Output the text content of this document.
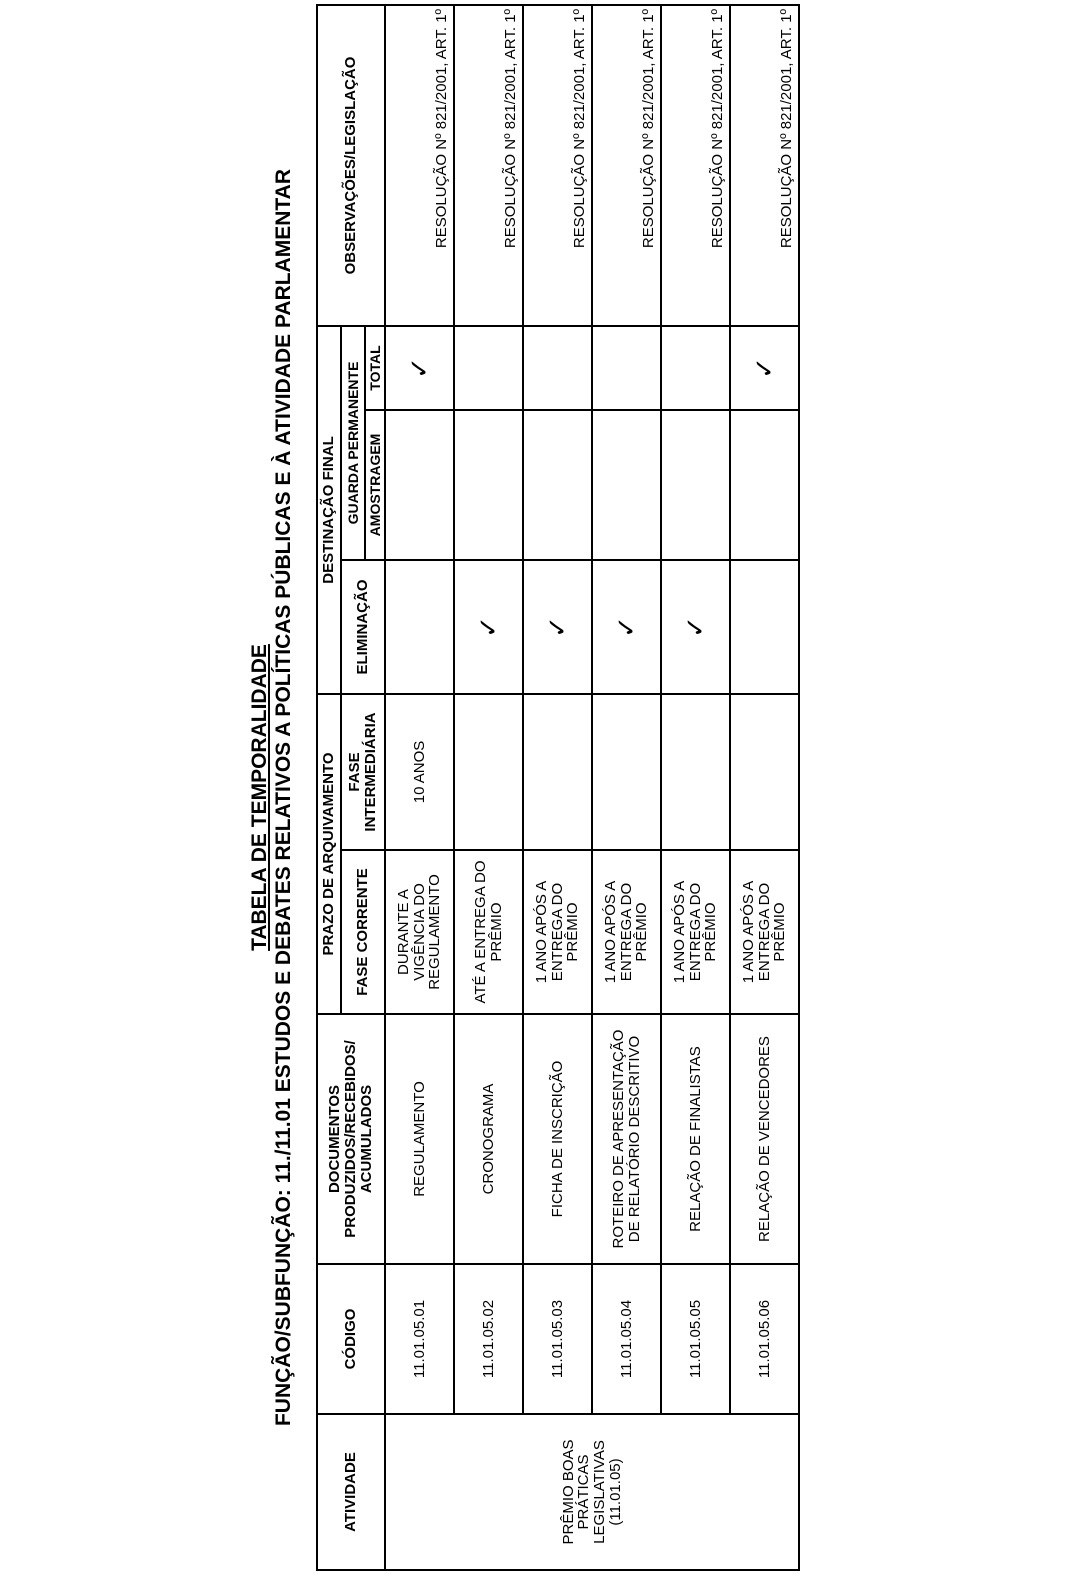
TABELA DE TEMPORALIDADE FUNÇÃO/SUBFUNÇÃO: 11./11.01 ESTUDOS E DEBATES RELATIVOS A POLÍTICAS PÚBLICAS E À ATIVIDADE PARLAMENTAR
ATIVIDADE	CÓDIGO	DOCUMENTOS PRODUZIDOS/RECEBIDOS/ ACUMULADOS	PRAZO DE ARQUIVAMENTO		DESTINAÇÃO FINAL			OBSERVAÇÕES/LEGISLAÇÃO
			FASE CORRENTE	FASE INTERMEDIÁRIA	ELIMINAÇÃO	GUARDA PERMANENTE		
						AMOSTRAGEM	TOTAL	
PRÊMIO BOAS PRÁTICAS LEGISLATIVAS (11.01.05)	11.01.05.01	REGULAMENTO	DURANTE A VIGÊNCIA DO REGULAMENTO	10 ANOS			✓	RESOLUÇÃO Nº 821/2001, ART. 1º
	11.01.05.02	CRONOGRAMA	ATÉ A ENTREGA DO PRÊMIO		✓			RESOLUÇÃO Nº 821/2001, ART. 1º
	11.01.05.03	FICHA DE INSCRIÇÃO	1 ANO APÓS A ENTREGA DO PRÊMIO		✓			RESOLUÇÃO Nº 821/2001, ART. 1º
	11.01.05.04	ROTEIRO DE APRESENTAÇÃO DE RELATÓRIO DESCRITIVO	1 ANO APÓS A ENTREGA DO PRÊMIO		✓			RESOLUÇÃO Nº 821/2001, ART. 1º
	11.01.05.05	RELAÇÃO DE FINALISTAS	1 ANO APÓS A ENTREGA DO PRÊMIO		✓			RESOLUÇÃO Nº 821/2001, ART. 1º
	11.01.05.06	RELAÇÃO DE VENCEDORES	1 ANO APÓS A ENTREGA DO PRÊMIO				✓	RESOLUÇÃO Nº 821/2001, ART. 1º
